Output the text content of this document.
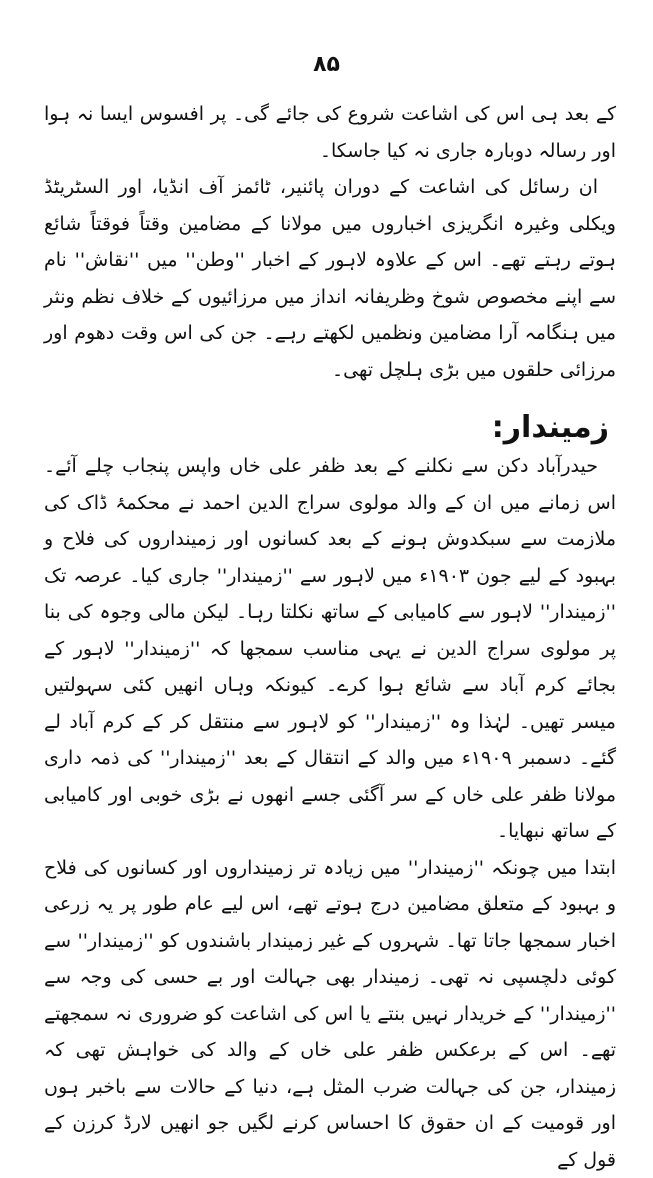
۸۵

کے بعد ہی اس کی اشاعت شروع کی جائے گی۔ پر افسوس ایسا نہ ہوا اور رسالہ دوبارہ جاری نہ کیا جاسکا۔

ان رسائل کی اشاعت کے دوران پائنیر، ٹائمز آف انڈیا، اور السٹریٹڈ ویکلی وغیرہ انگریزی اخباروں میں مولانا کے مضامین وقتاً فوقتاً شائع ہوتے رہتے تھے۔ اس کے علاوہ لاہور کے اخبار ''وطن'' میں ''نقاش'' نام سے اپنے مخصوص شوخ وظریفانہ انداز میں مرزائیوں کے خلاف نظم ونثر میں ہنگامہ آرا مضامین ونظمیں لکھتے رہے۔ جن کی اس وقت دھوم اور مرزائی حلقوں میں بڑی ہلچل تھی۔

زمیندار:

حیدرآباد دکن سے نکلنے کے بعد ظفر علی خاں واپس پنجاب چلے آئے۔ اس زمانے میں ان کے والد مولوی سراج الدین احمد نے محکمۂ ڈاک کی ملازمت سے سبکدوش ہونے کے بعد کسانوں اور زمینداروں کی فلاح و بہبود کے لیے جون ۱۹۰۳ء میں لاہور سے ''زمیندار'' جاری کیا۔ عرصہ تک ''زمیندار'' لاہور سے کامیابی کے ساتھ نکلتا رہا۔ لیکن مالی وجوہ کی بنا پر مولوی سراج الدین نے یہی مناسب سمجھا کہ ''زمیندار'' لاہور کے بجائے کرم آباد سے شائع ہوا کرے۔ کیونکہ وہاں انھیں کئی سہولتیں میسر تھیں۔ لہٰذا وہ ''زمیندار'' کو لاہور سے منتقل کر کے کرم آباد لے گئے۔ دسمبر ۱۹۰۹ء میں والد کے انتقال کے بعد ''زمیندار'' کی ذمہ داری مولانا ظفر علی خاں کے سر آگئی جسے انھوں نے بڑی خوبی اور کامیابی کے ساتھ نبھایا۔

ابتدا میں چونکہ ''زمیندار'' میں زیادہ تر زمینداروں اور کسانوں کی فلاح و بہبود کے متعلق مضامین درج ہوتے تھے، اس لیے عام طور پر یہ زرعی اخبار سمجھا جاتا تھا۔ شہروں کے غیر زمیندار باشندوں کو ''زمیندار'' سے کوئی دلچسپی نہ تھی۔ زمیندار بھی جہالت اور بے حسی کی وجہ سے ''زمیندار'' کے خریدار نہیں بنتے یا اس کی اشاعت کو ضروری نہ سمجھتے تھے۔ اس کے برعکس ظفر علی خاں کے والد کی خواہش تھی کہ زمیندار، جن کی جہالت ضرب المثل ہے، دنیا کے حالات سے باخبر ہوں اور قومیت کے ان حقوق کا احساس کرنے لگیں جو انھیں لارڈ کرزن کے قول کے
